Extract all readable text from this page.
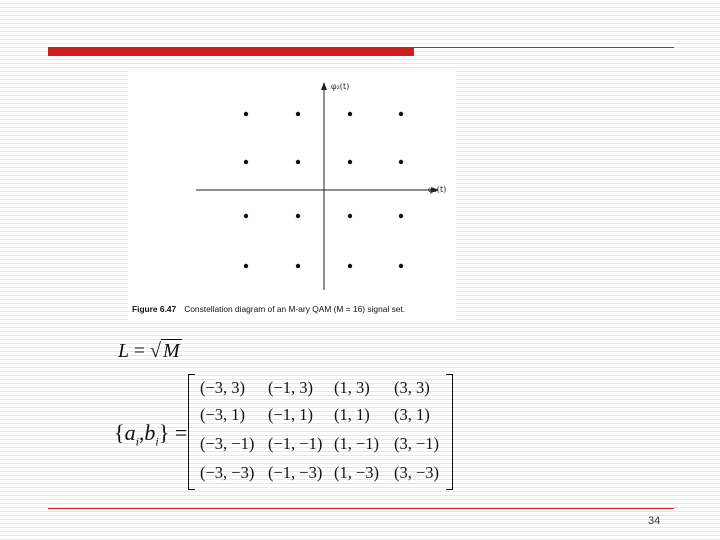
φ₂(t)
φ₁(t)
Figure 6.47 Constellation diagram of an M-ary QAM (M = 16) signal set.
L = √ M
$\{a_i,b_i\}$ =
(−3, 3) (−1, 3) (1, 3) (3, 3)
(−3, 1) (−1, 1) (1, 1) (3, 1)
(−3, −1) (−1, −1) (1, −1) (3, −1)
(−3, −3) (−1, −3) (1, −3) (3, −3)
34
